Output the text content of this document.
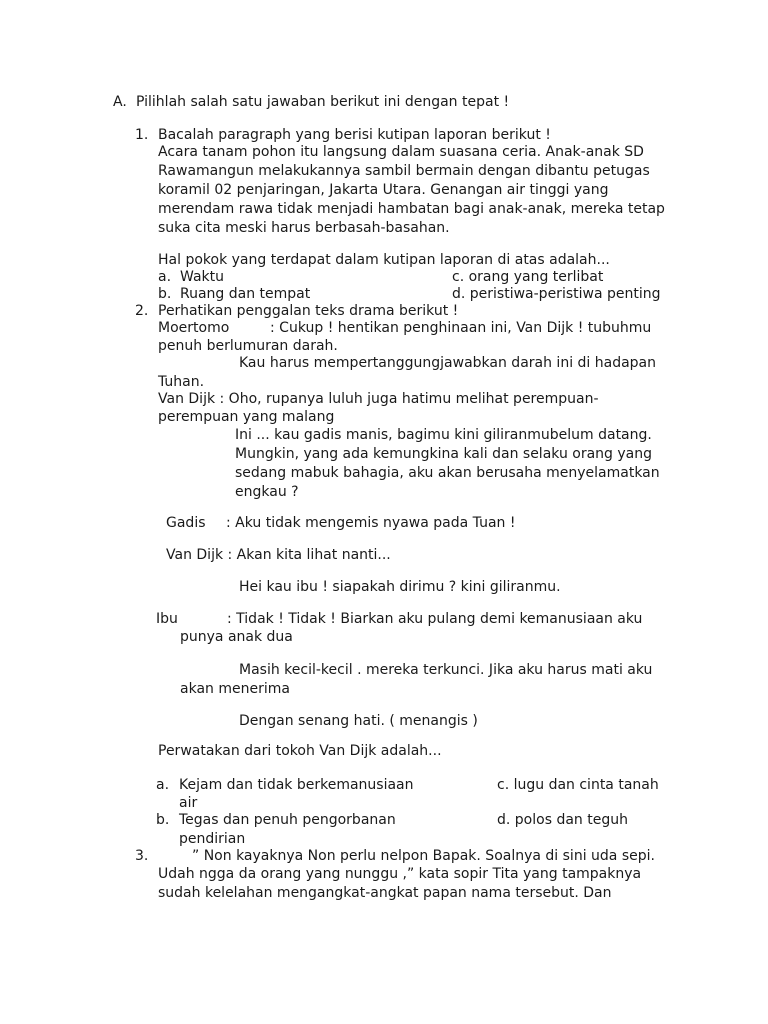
A. Pilihlah salah satu jawaban berikut ini dengan tepat !
1. Bacalah paragraph yang berisi kutipan laporan berikut !
Acara tanam pohon itu langsung dalam suasana ceria. Anak-anak SD
Rawamangun melakukannya sambil bermain dengan dibantu petugas
koramil 02 penjaringan, Jakarta Utara. Genangan air tinggi yang
merendam rawa tidak menjadi hambatan bagi anak-anak, mereka tetap
suka cita meski harus berbasah-basahan.
Hal pokok yang terdapat dalam kutipan laporan di atas adalah...
a. Waktu	c. orang yang terlibat
b. Ruang dan tempat	d. peristiwa-peristiwa penting
2. Perhatikan penggalan teks drama berikut !
Moertomo	: Cukup ! hentikan penghinaan ini, Van Dijk ! tubuhmu
penuh berlumuran darah.
Kau harus mempertanggungjawabkan darah ini di hadapan
Tuhan.
Van Dijk : Oho, rupanya luluh juga hatimu melihat perempuan-
perempuan yang malang
Ini ... kau gadis manis, bagimu kini giliranmubelum datang.
Mungkin, yang ada kemungkina kali dan selaku orang yang
sedang mabuk bahagia, aku akan berusaha menyelamatkan
engkau ?
Gadis : Aku tidak mengemis nyawa pada Tuan !
Van Dijk : Akan kita lihat nanti...
Hei kau ibu ! siapakah dirimu ? kini giliranmu.
Ibu	: Tidak ! Tidak ! Biarkan aku pulang demi kemanusiaan aku
punya anak dua
Masih kecil-kecil . mereka terkunci. Jika aku harus mati aku
akan menerima
Dengan senang hati. ( menangis )
Perwatakan dari tokoh Van Dijk adalah...
a. Kejam dan tidak berkemanusiaan	c. lugu dan cinta tanah
air
b. Tegas dan penuh pengorbanan	d. polos dan teguh
pendirian
3.	” Non kayaknya Non perlu nelpon Bapak. Soalnya di sini uda sepi.
Udah ngga da orang yang nunggu ,” kata sopir Tita yang tampaknya
sudah kelelahan mengangkat-angkat papan nama tersebut. Dan
